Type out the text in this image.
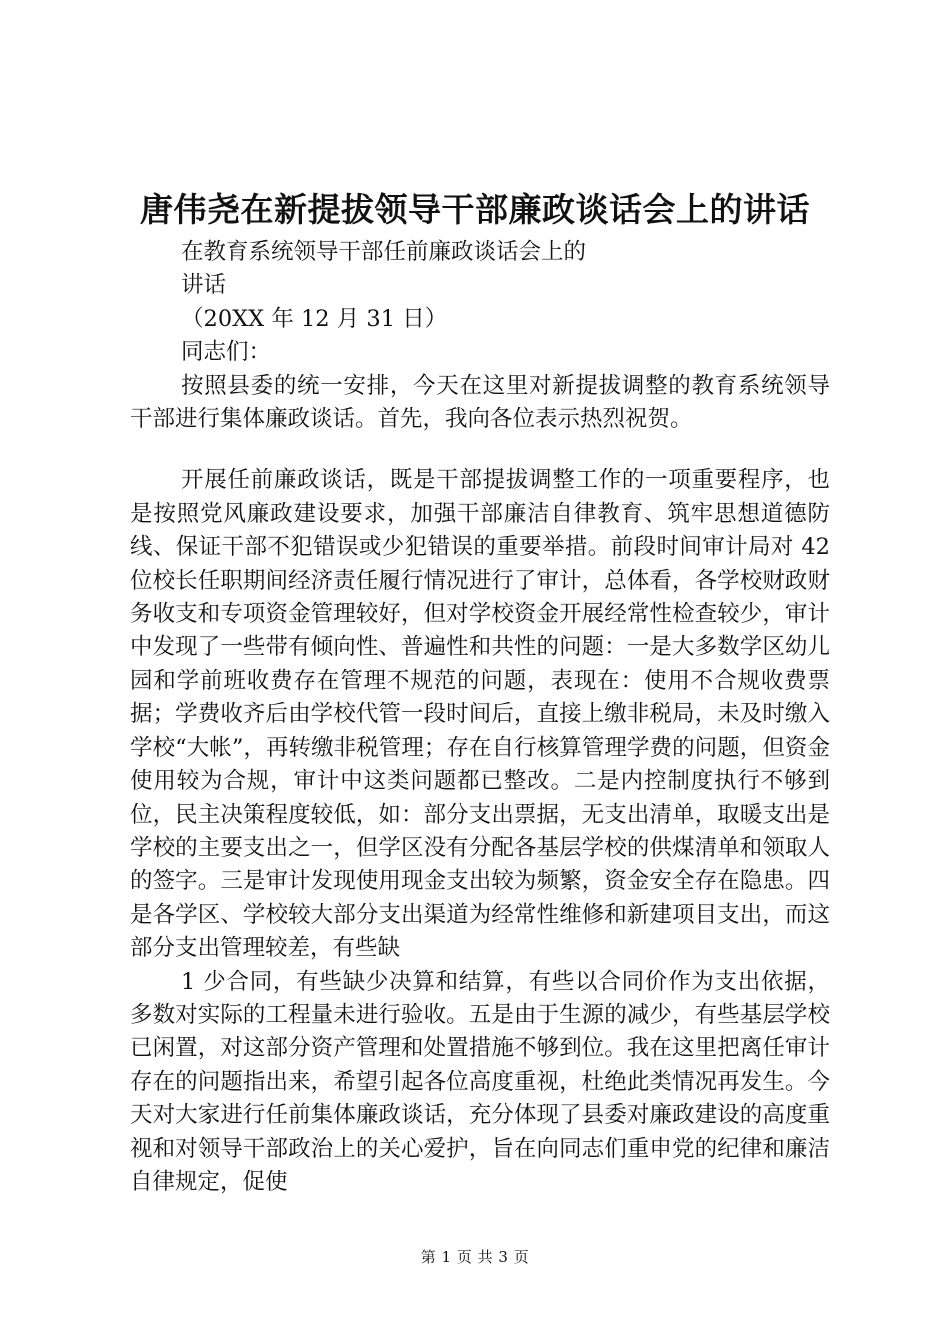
唐伟尧在新提拔领导干部廉政谈话会上的讲话

在教育系统领导干部任前廉政谈话会上的

讲话

（20XX 年 12 月 31 日）

同志们：

按照县委的统一安排，今天在这里对新提拔调整的教育系统领导干部进行集体廉政谈话。首先，我向各位表示热烈祝贺。

开展任前廉政谈话，既是干部提拔调整工作的一项重要程序，也是按照党风廉政建设要求，加强干部廉洁自律教育、筑牢思想道德防线、保证干部不犯错误或少犯错误的重要举措。前段时间审计局对 42 位校长任职期间经济责任履行情况进行了审计，总体看，各学校财政财务收支和专项资金管理较好，但对学校资金开展经常性检查较少，审计中发现了一些带有倾向性、普遍性和共性的问题：一是大多数学区幼儿园和学前班收费存在管理不规范的问题，表现在：使用不合规收费票据；学费收齐后由学校代管一段时间后，直接上缴非税局，未及时缴入学校“大帐”，再转缴非税管理；存在自行核算管理学费的问题，但资金使用较为合规，审计中这类问题都已整改。二是内控制度执行不够到位，民主决策程度较低，如：部分支出票据，无支出清单，取暖支出是学校的主要支出之一，但学区没有分配各基层学校的供煤清单和领取人的签字。三是审计发现使用现金支出较为频繁，资金安全存在隐患。四是各学区、学校较大部分支出渠道为经常性维修和新建项目支出，而这部分支出管理较差，有些缺

1 少合同，有些缺少决算和结算，有些以合同价作为支出依据，多数对实际的工程量未进行验收。五是由于生源的减少，有些基层学校已闲置，对这部分资产管理和处置措施不够到位。我在这里把离任审计存在的问题指出来，希望引起各位高度重视，杜绝此类情况再发生。今天对大家进行任前集体廉政谈话，充分体现了县委对廉政建设的高度重视和对领导干部政治上的关心爱护，旨在向同志们重申党的纪律和廉洁自律规定，促使

第 1 页 共 3 页
